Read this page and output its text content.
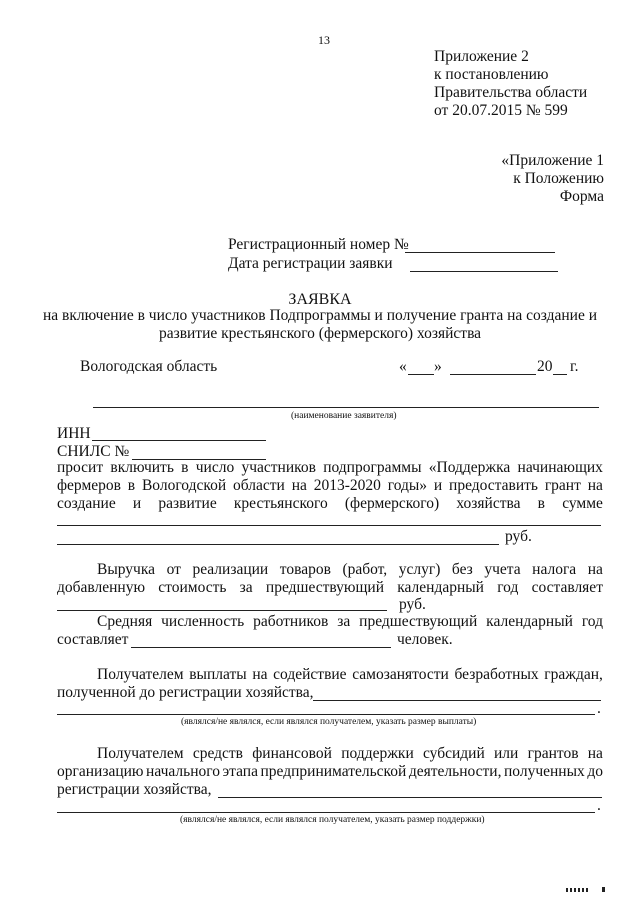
13
Приложение 2
к постановлению
Правительства области
от 20.07.2015 № 599
«Приложение 1
к Положению
Форма
Регистрационный номер №
Дата регистрации заявки
ЗАЯВКА
на включение в число участников Подпрограммы и получение гранта на создание и
развитие крестьянского (фермерского) хозяйства
Вологодская область	« »	20 г.
(наименование заявителя)
ИНН
СНИЛС №
просит включить в число участников подпрограммы «Поддержка начинающих
фермеров в Вологодской области на 2013-2020 годы» и предоставить грант на
создание и развитие крестьянского (фермерского) хозяйства в сумме
руб.
Выручка от реализации товаров (работ, услуг) без учета налога на
добавленную стоимость за предшествующий календарный год составляет
руб.
Средняя численность работников за предшествующий календарный год
составляет	человек.
Получателем выплаты на содействие самозанятости безработных граждан,
полученной до регистрации хозяйства,
.
(являлся/не являлся, если являлся получателем, указать размер выплаты)
Получателем средств финансовой поддержки субсидий или грантов на
организацию начального этапа предпринимательской деятельности, полученных до
регистрации хозяйства,
.
(являлся/не являлся, если являлся получателем, указать размер поддержки)
